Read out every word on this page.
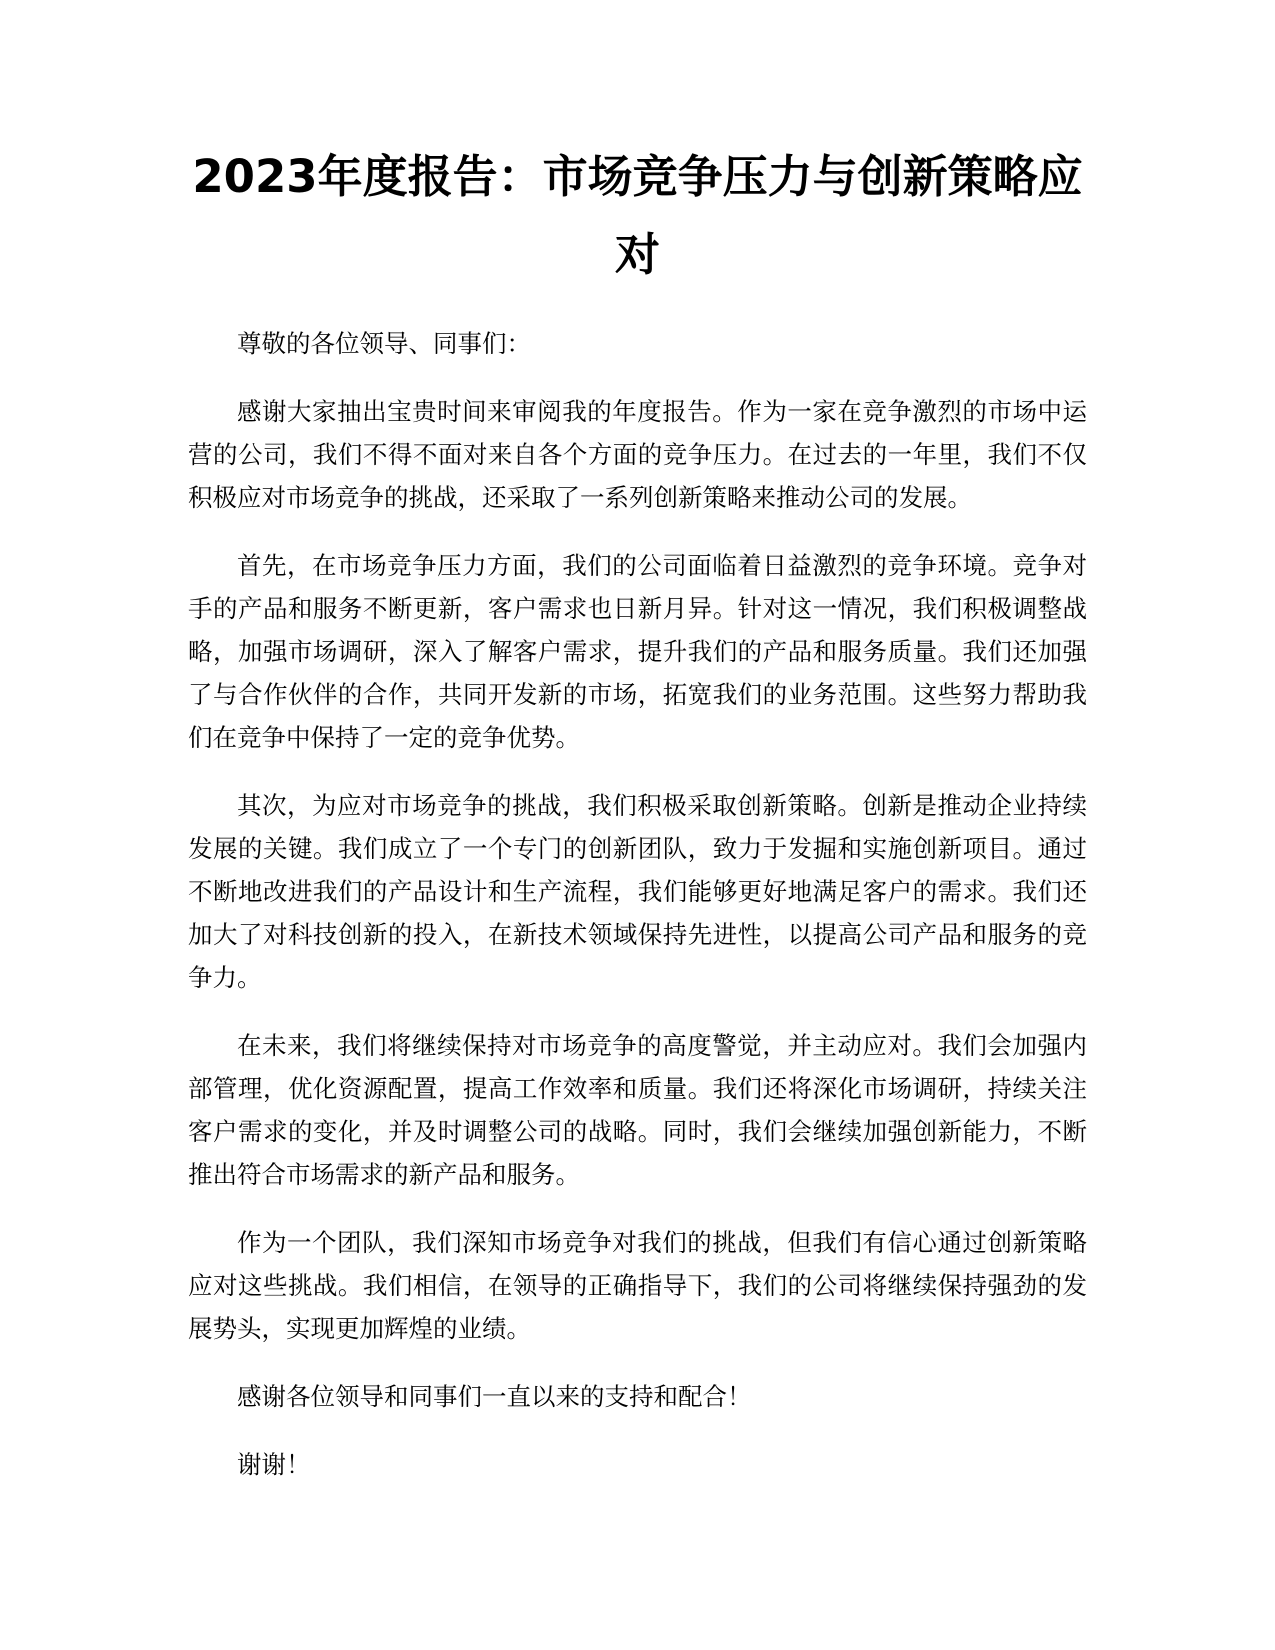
2023年度报告：市场竞争压力与创新策略应对

尊敬的各位领导、同事们：

感谢大家抽出宝贵时间来审阅我的年度报告。作为一家在竞争激烈的市场中运营的公司，我们不得不面对来自各个方面的竞争压力。在过去的一年里，我们不仅积极应对市场竞争的挑战，还采取了一系列创新策略来推动公司的发展。

首先，在市场竞争压力方面，我们的公司面临着日益激烈的竞争环境。竞争对手的产品和服务不断更新，客户需求也日新月异。针对这一情况，我们积极调整战略，加强市场调研，深入了解客户需求，提升我们的产品和服务质量。我们还加强了与合作伙伴的合作，共同开发新的市场，拓宽我们的业务范围。这些努力帮助我们在竞争中保持了一定的竞争优势。

其次，为应对市场竞争的挑战，我们积极采取创新策略。创新是推动企业持续发展的关键。我们成立了一个专门的创新团队，致力于发掘和实施创新项目。通过不断地改进我们的产品设计和生产流程，我们能够更好地满足客户的需求。我们还加大了对科技创新的投入，在新技术领域保持先进性，以提高公司产品和服务的竞争力。

在未来，我们将继续保持对市场竞争的高度警觉，并主动应对。我们会加强内部管理，优化资源配置，提高工作效率和质量。我们还将深化市场调研，持续关注客户需求的变化，并及时调整公司的战略。同时，我们会继续加强创新能力，不断推出符合市场需求的新产品和服务。

作为一个团队，我们深知市场竞争对我们的挑战，但我们有信心通过创新策略应对这些挑战。我们相信，在领导的正确指导下，我们的公司将继续保持强劲的发展势头，实现更加辉煌的业绩。

感谢各位领导和同事们一直以来的支持和配合！

谢谢！
